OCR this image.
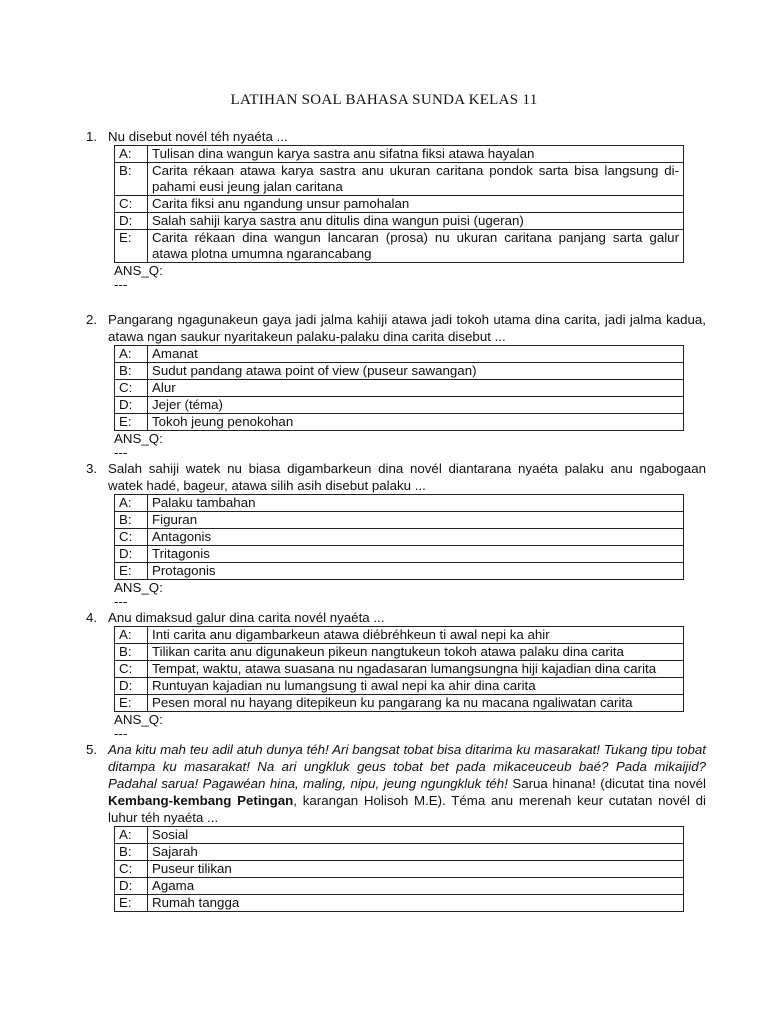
LATIHAN SOAL BAHASA SUNDA KELAS 11
1. Nu disebut novél téh nyaéta ...
A:	Tulisan dina wangun karya sastra anu sifatna fiksi atawa hayalan
B:	Carita rékaan atawa karya sastra anu ukuran caritana pondok sarta bisa langsung di-pahami eusi jeung jalan caritana
C:	Carita fiksi anu ngandung unsur pamohalan
D:	Salah sahiji karya sastra anu ditulis dina wangun puisi (ugeran)
E:	Carita rékaan dina wangun lancaran (prosa) nu ukuran caritana panjang sarta galur atawa plotna umumna ngarancabang
ANS_Q:
---
2. Pangarang ngagunakeun gaya jadi jalma kahiji atawa jadi tokoh utama dina carita, jadi jalma kadua, atawa ngan saukur nyaritakeun palaku-palaku dina carita disebut ...
A:	Amanat
B:	Sudut pandang atawa point of view (puseur sawangan)
C:	Alur
D:	Jejer (téma)
E:	Tokoh jeung penokohan
ANS_Q:
---
3. Salah sahiji watek nu biasa digambarkeun dina novél diantarana nyaéta palaku anu ngabogaan watek hadé, bageur, atawa silih asih disebut palaku ...
A:	Palaku tambahan
B:	Figuran
C:	Antagonis
D:	Tritagonis
E:	Protagonis
ANS_Q:
---
4. Anu dimaksud galur dina carita novél nyaéta ...
A:	Inti carita anu digambarkeun atawa diébréhkeun ti awal nepi ka ahir
B:	Tilikan carita anu digunakeun pikeun nangtukeun tokoh atawa palaku dina carita
C:	Tempat, waktu, atawa suasana nu ngadasaran lumangsungna hiji kajadian dina carita
D:	Runtuyan kajadian nu lumangsung ti awal nepi ka ahir dina carita
E:	Pesen moral nu hayang ditepikeun ku pangarang ka nu macana ngaliwatan carita
ANS_Q:
---
5. Ana kitu mah teu adil atuh dunya téh! Ari bangsat tobat bisa ditarima ku masarakat! Tukang tipu tobat ditampa ku masarakat! Na ari ungkluk geus tobat bet pada mikaceuceub baé? Pada mikaijid? Padahal sarua! Pagawéan hina, maling, nipu, jeung ngungkluk téh! Sarua hinana! (dicutat tina novél Kembang-kembang Petingan, karangan Holisoh M.E). Téma anu merenah keur cutatan novél di luhur téh nyaéta ...
A:	Sosial
B:	Sajarah
C:	Puseur tilikan
D:	Agama
E:	Rumah tangga
